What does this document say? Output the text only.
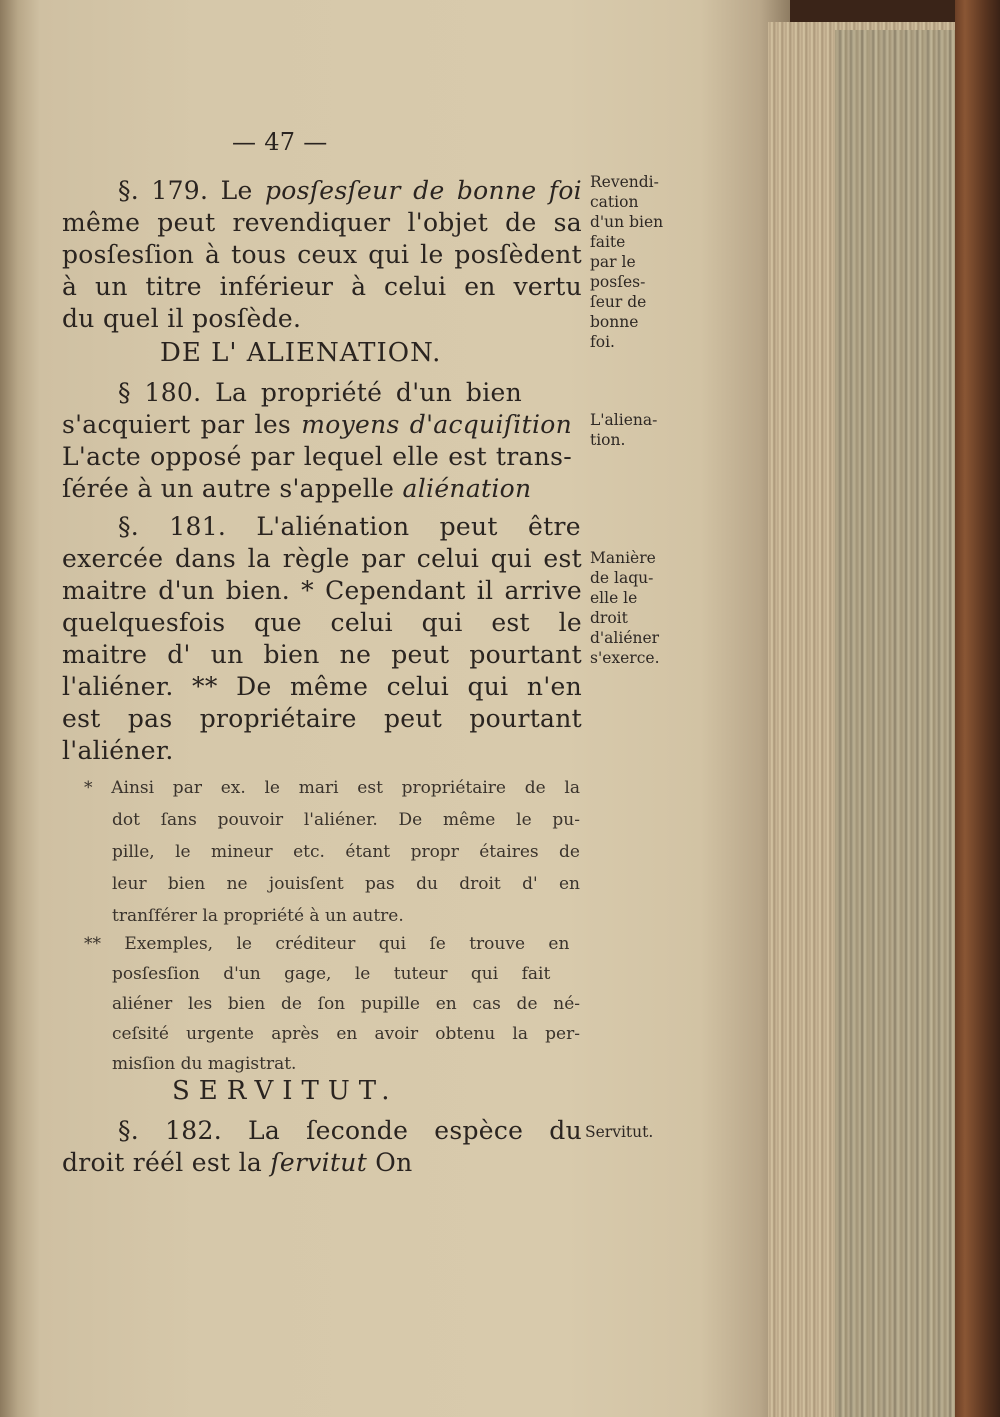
— 47 —
§. 179. Le posſesſeur de bonne foi
même peut revendiquer l'objet de sa
posſesſion à tous ceux qui le posſèdent
à un titre inférieur à celui en vertu
du quel il posſède.
§ 180. La propriété d'un bien
s'acquiert par les moyens d'acquiſition
L'acte opposé par lequel elle est trans-
ſérée à un autre s'appelle aliénation
§. 181. L'aliénation peut être
exercée dans la règle par celui qui est
maitre d'un bien. * Cependant il arrive
quelquesfois que celui qui est le
maitre d' un bien ne peut pourtant
l'aliéner. ** De même celui qui n'en
est pas propriétaire peut pourtant
l'aliéner.
§. 182. La ſeconde espèce du
droit réél est la ſervitut On
DE L' ALIENATION.
SERVITUT.
* Ainsi par ex. le mari est propriétaire de la
dot ſans pouvoir l'aliéner. De même le pu-
pille, le mineur etc. étant propr étaires de
leur bien ne jouisſent pas du droit d' en
tranſférer la propriété à un autre.
** Exemples, le créditeur qui ſe trouve en
posſesſion d'un gage, le tuteur qui fait
aliéner les bien de ſon pupille en cas de né-
ceſsité urgente après en avoir obtenu la per-
misſion du magistrat.
Revendi-
cation
d'un bien
faite
par le
posſes-
ſeur de
bonne
foi.
L'aliena-
tion.
Manière
de laqu-
elle le
droit
d'aliéner
s'exerce.
Servitut.
